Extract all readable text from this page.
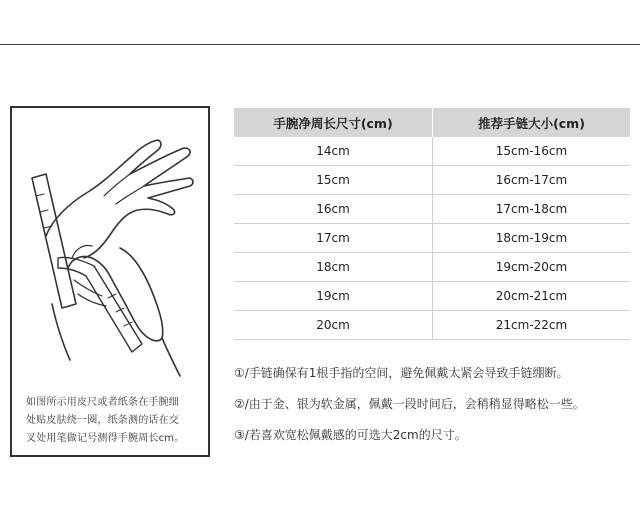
如图所示用皮尺或者纸条在手腕细
处贴皮肤绕一圈，纸条测的话在交
叉处用笔做记号测得手腕周长cm。
手腕净周长尺寸(cm)	推荐手链大小(cm)
14cm	15cm-16cm
15cm	16cm-17cm
16cm	17cm-18cm
17cm	18cm-19cm
18cm	19cm-20cm
19cm	20cm-21cm
20cm	21cm-22cm
①/手链确保有1根手指的空间，避免佩戴太紧会导致手链绷断。
②/由于金、银为软金属，佩戴一段时间后，会稍稍显得略松一些。
③/若喜欢宽松佩戴感的可选大2cm的尺寸。
